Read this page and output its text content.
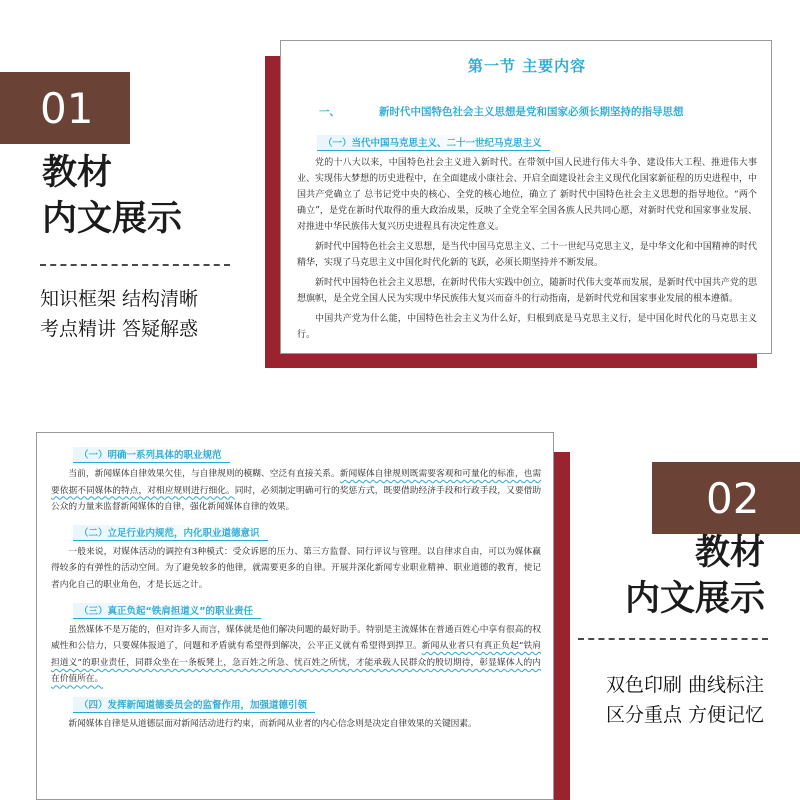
01
教材
内文展示
知识框架 结构清晰
考点精讲 答疑解惑
第一节 主要内容
一、	新时代中国特色社会主义思想是党和国家必须长期坚持的指导思想
（一）当代中国马克思主义、二十一世纪马克思主义

党的十八大以来，中国特色社会主义进入新时代。在带领中国人民进行伟大斗争、建设伟大工程、推进伟大事业、实现伟大梦想的历史进程中，在全面建成小康社会、开启全面建设社会主义现代化国家新征程的历史进程中，中国共产党确立了 总书记党中央的核心、全党的核心地位，确立了 新时代中国特色社会主义思想的指导地位。“两个确立”，是党在新时代取得的重大政治成果，反映了全党全军全国各族人民共同心愿，对新时代党和国家事业发展、对推进中华民族伟大复兴历史进程具有决定性意义。

新时代中国特色社会主义思想，是当代中国马克思主义、二十一世纪马克思主义，是中华文化和中国精神的时代精华，实现了马克思主义中国化时代化新的飞跃，必须长期坚持并不断发展。

新时代中国特色社会主义思想，在新时代伟大实践中创立，随新时代伟大变革而发展，是新时代中国共产党的思想旗帜，是全党全国人民为实现中华民族伟大复兴而奋斗的行动指南，是新时代党和国家事业发展的根本遵循。

中国共产党为什么能，中国特色社会主义为什么好，归根到底是马克思主义行，是中国化时代化的马克思主义行。

（一）明确一系列具体的职业规范

当前，新闻媒体自律效果欠佳，与自律规则的模糊、空泛有直接关系。新闻媒体自律规则既需要客观和可量化的标准，也需要依据不同媒体的特点，对相应规则进行细化。同时，必须制定明确可行的奖惩方式，既要借助经济手段和行政手段，又要借助公众的力量来监督新闻媒体的自律，强化新闻媒体自律的效果。

（二）立足行业内规范，内化职业道德意识

一般来说，对媒体活动的调控有3种模式：受众诉愿的压力、第三方监督、同行评议与管理。以自律求自由，可以为媒体赢得较多的有弹性的活动空间。为了避免较多的他律，就需要更多的自律。开展并深化新闻专业职业精神、职业道德的教育，使记者内化自己的职业角色，才是长远之计。

（三）真正负起“铁肩担道义”的职业责任

虽然媒体不是万能的，但对许多人而言，媒体就是他们解决问题的最好助手。特别是主流媒体在普通百姓心中享有很高的权威性和公信力，只要媒体报道了，问题和矛盾就有希望得到解决，公平正义就有希望得到捍卫。新闻从业者只有真正负起“铁肩担道义”的职业责任，同群众坐在一条板凳上，急百姓之所急、忧百姓之所忧，才能承载人民群众的殷切期待，彰显媒体人的内在价值所在。

（四）发挥新闻道德委员会的监督作用，加强道德引领

新闻媒体自律是从道德层面对新闻活动进行约束，而新闻从业者的内心信念则是决定自律效果的关键因素。

02
教材
内文展示
双色印刷 曲线标注
区分重点 方便记忆
